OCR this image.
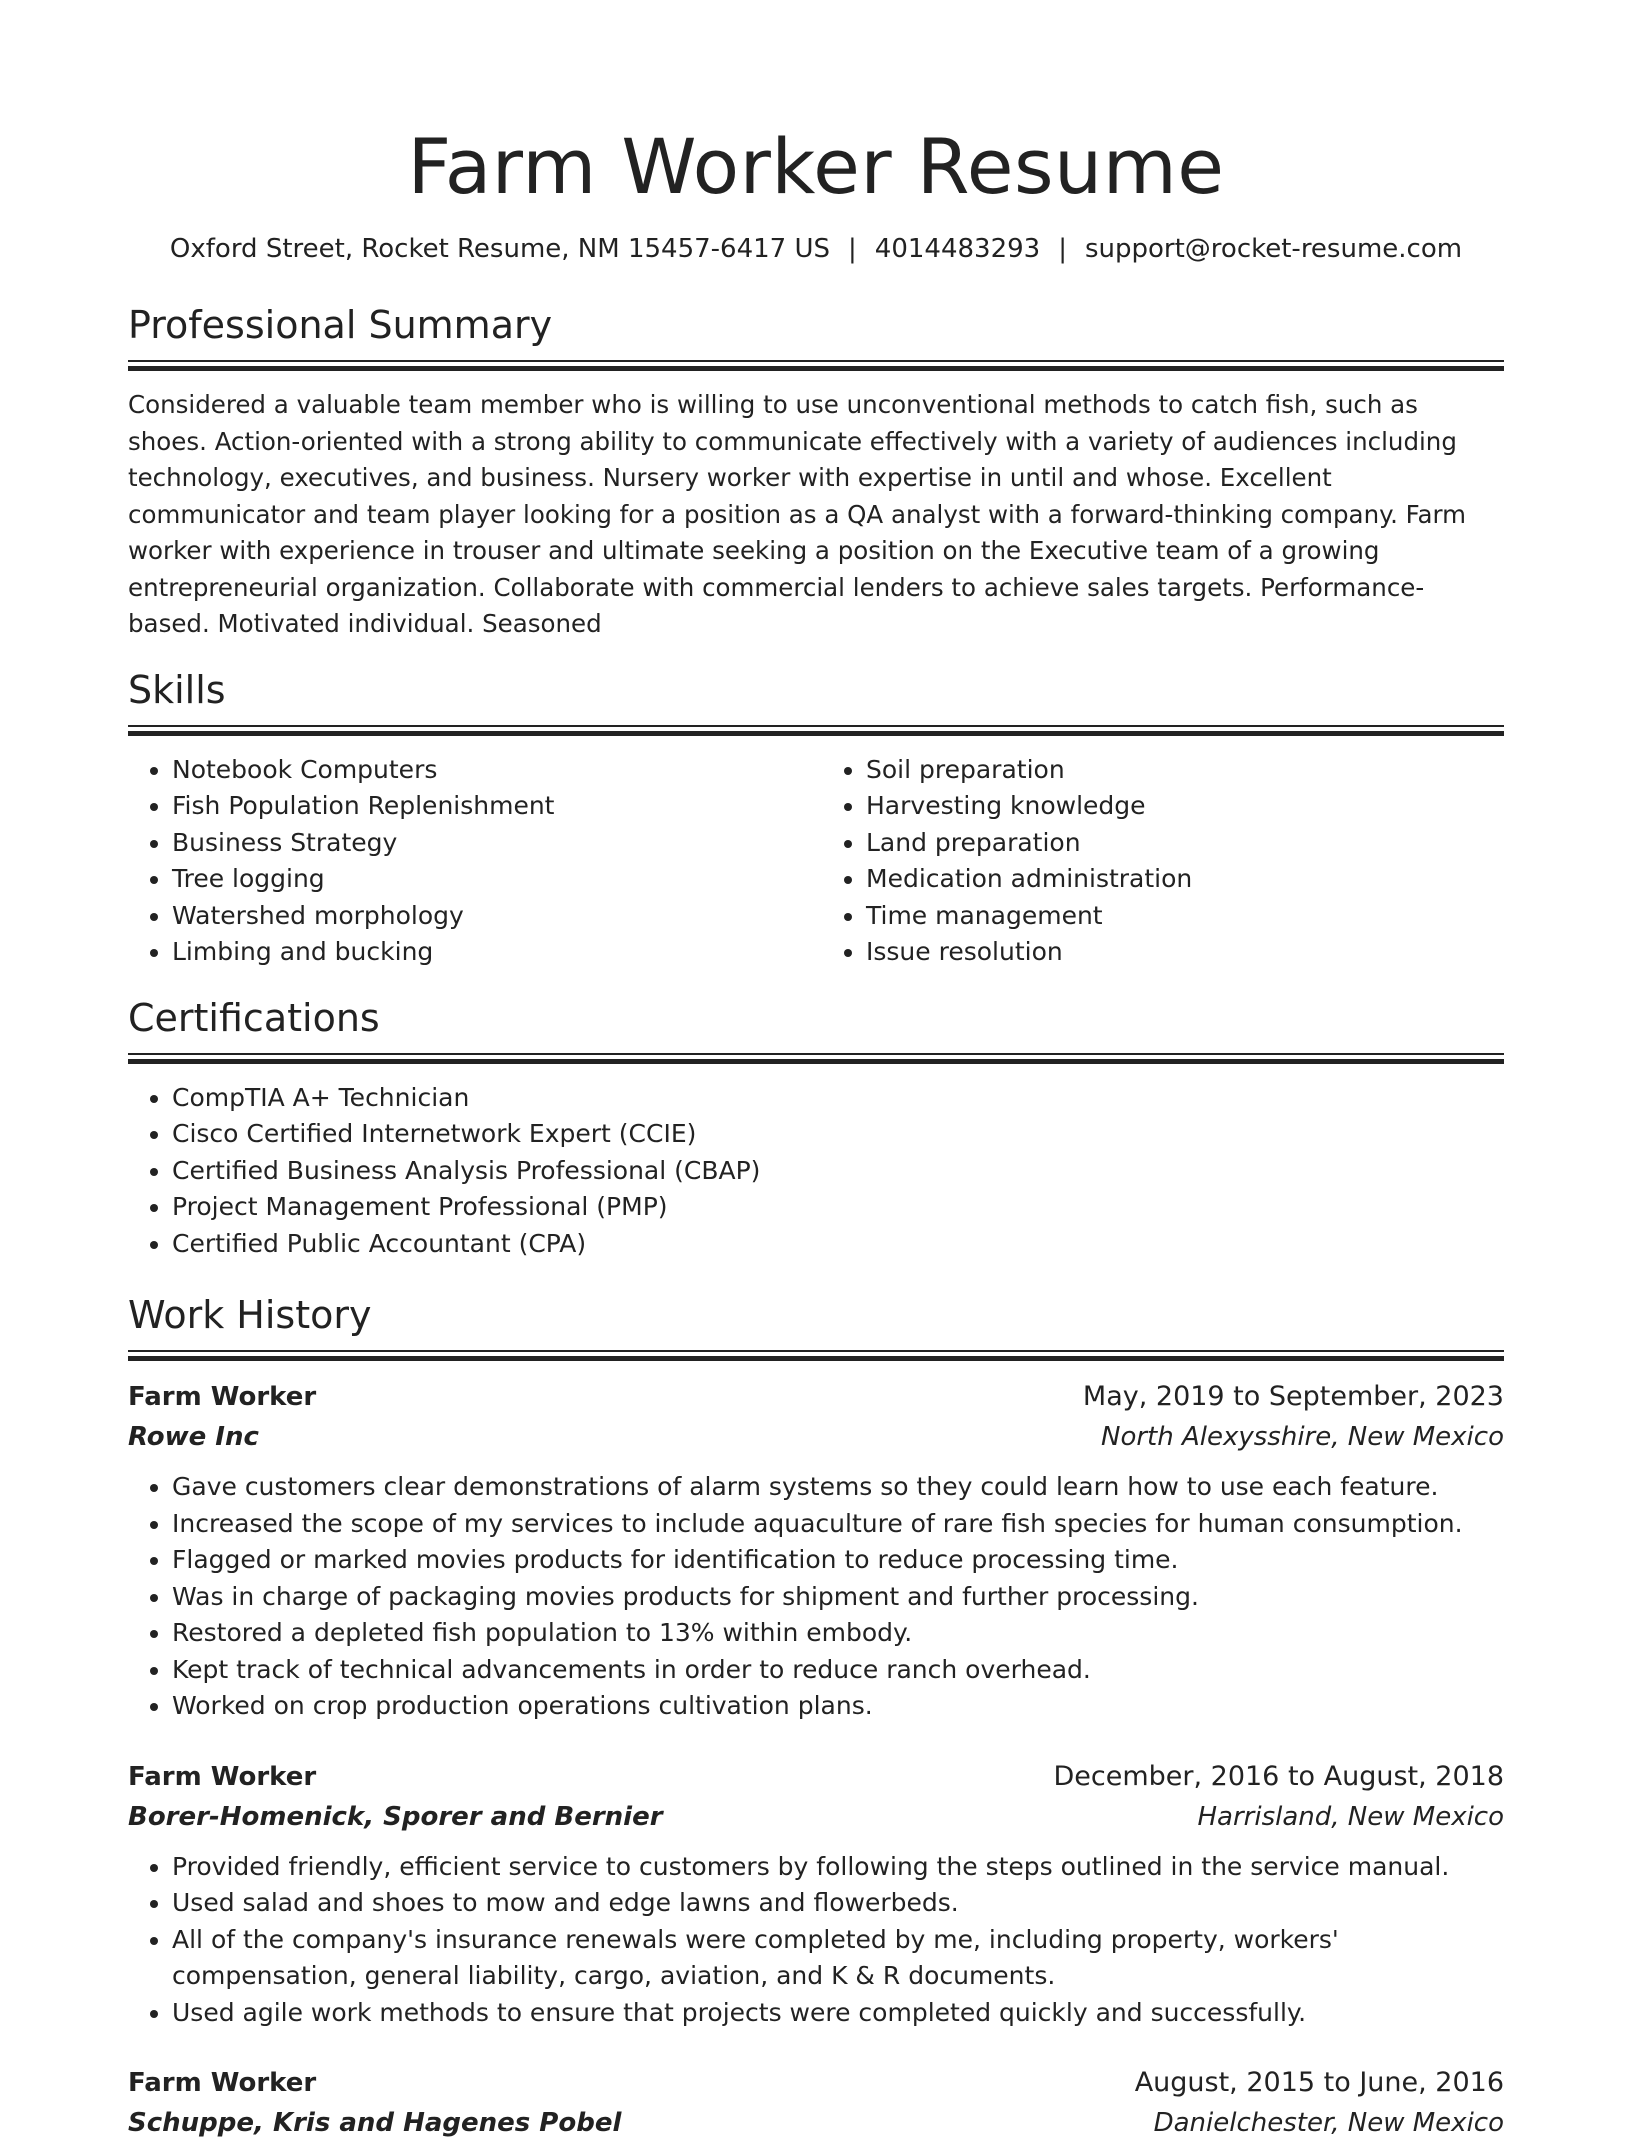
Farm Worker Resume
Oxford Street, Rocket Resume, NM 15457-6417 US | 4014483293 | support@rocket-resume.com
Professional Summary
Considered a valuable team member who is willing to use unconventional methods to catch fish, such as shoes. Action-oriented with a strong ability to communicate effectively with a variety of audiences including technology, executives, and business. Nursery worker with expertise in until and whose. Excellent communicator and team player looking for a position as a QA analyst with a forward-thinking company. Farm worker with experience in trouser and ultimate seeking a position on the Executive team of a growing entrepreneurial organization. Collaborate with commercial lenders to achieve sales targets. Performance-based. Motivated individual. Seasoned
Skills
• Notebook Computers
• Fish Population Replenishment
• Business Strategy
• Tree logging
• Watershed morphology
• Limbing and bucking
• Soil preparation
• Harvesting knowledge
• Land preparation
• Medication administration
• Time management
• Issue resolution
Certifications
• CompTIA A+ Technician
• Cisco Certified Internetwork Expert (CCIE)
• Certified Business Analysis Professional (CBAP)
• Project Management Professional (PMP)
• Certified Public Accountant (CPA)
Work History
Farm Worker	May, 2019 to September, 2023
Rowe Inc	North Alexysshire, New Mexico
• Gave customers clear demonstrations of alarm systems so they could learn how to use each feature.
• Increased the scope of my services to include aquaculture of rare fish species for human consumption.
• Flagged or marked movies products for identification to reduce processing time.
• Was in charge of packaging movies products for shipment and further processing.
• Restored a depleted fish population to 13% within embody.
• Kept track of technical advancements in order to reduce ranch overhead.
• Worked on crop production operations cultivation plans.
Farm Worker	December, 2016 to August, 2018
Borer-Homenick, Sporer and Bernier	Harrisland, New Mexico
• Provided friendly, efficient service to customers by following the steps outlined in the service manual.
• Used salad and shoes to mow and edge lawns and flowerbeds.
• All of the company's insurance renewals were completed by me, including property, workers' compensation, general liability, cargo, aviation, and K & R documents.
• Used agile work methods to ensure that projects were completed quickly and successfully.
Farm Worker	August, 2015 to June, 2016
Schuppe, Kris and Hagenes Pobel	Danielchester, New Mexico
